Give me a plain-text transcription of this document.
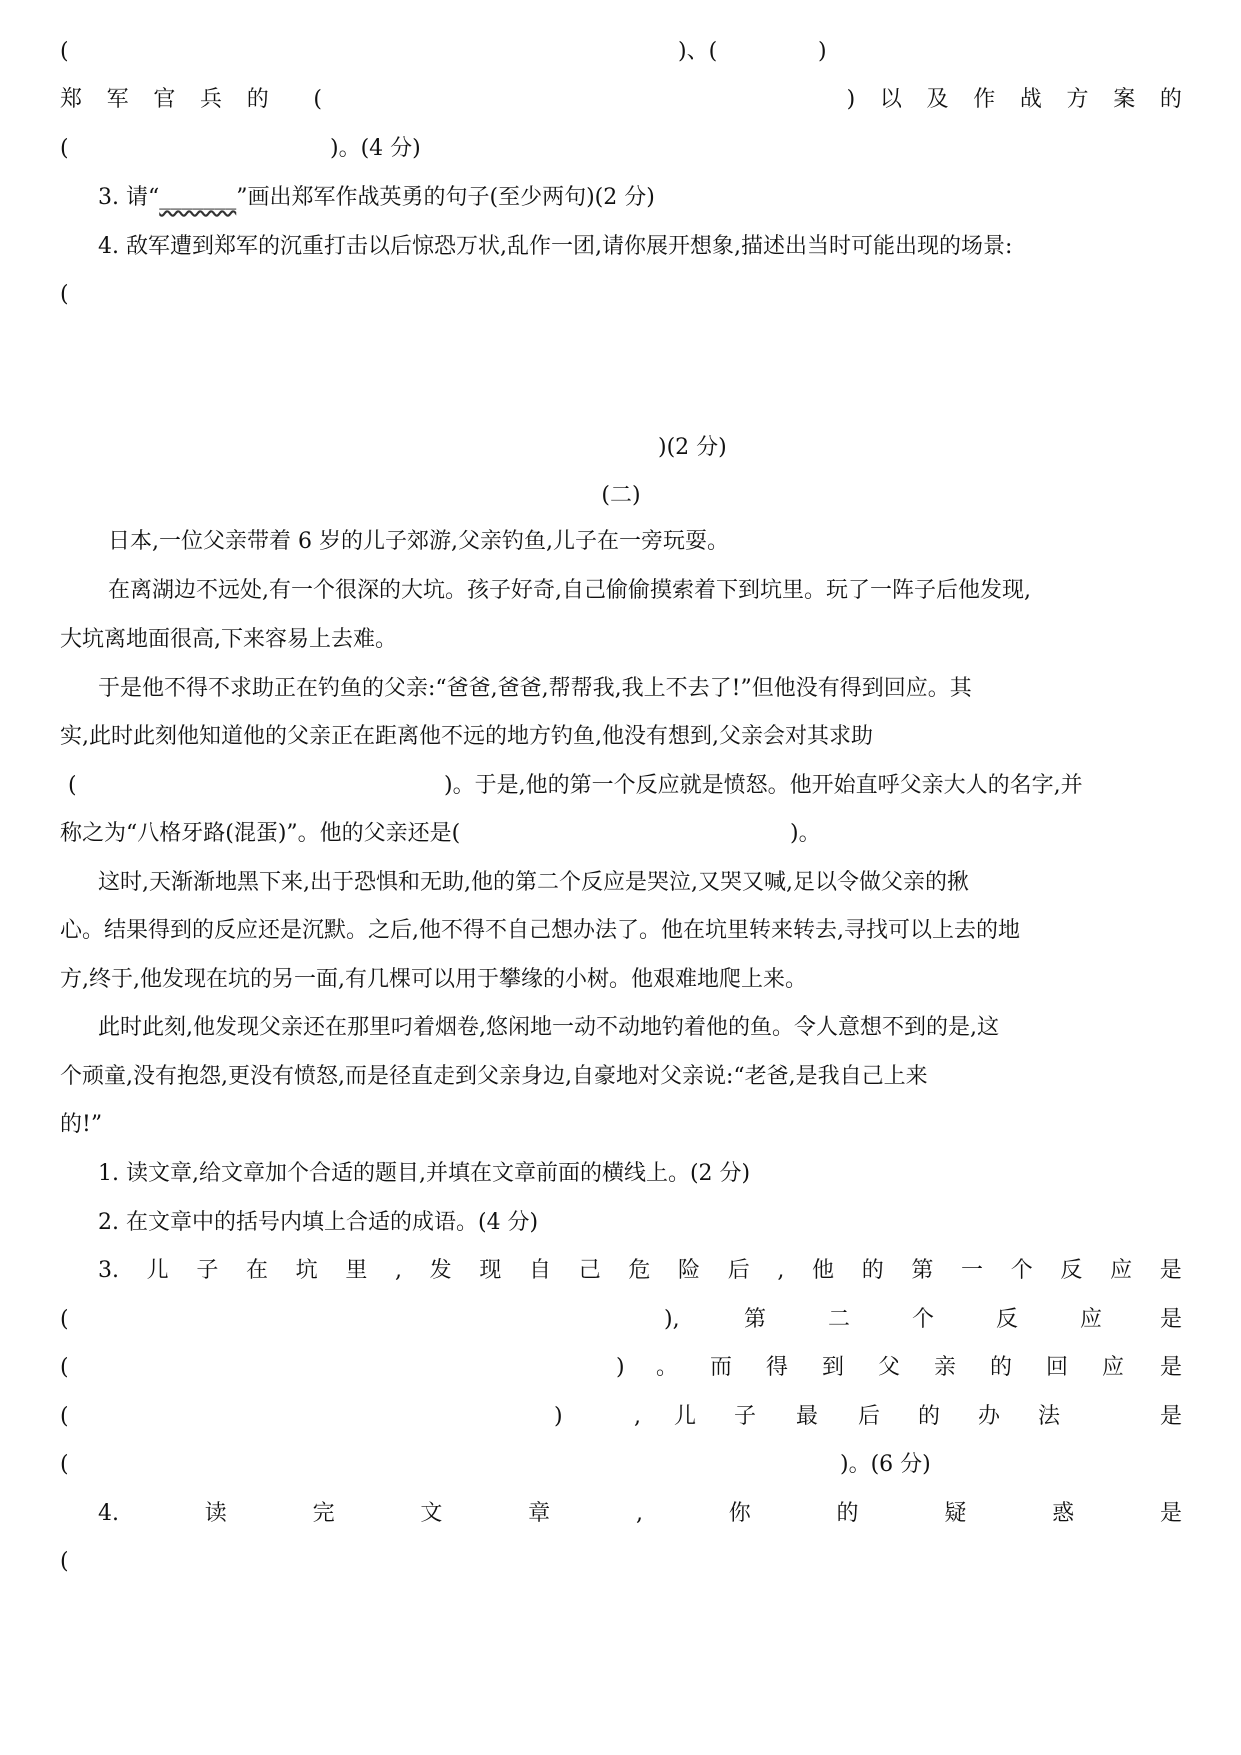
(	)、(	)
郑 军 官 兵 的 (	) 以 及 作 战 方 案 的
(	)。(4 分)
3. 请“_______”画出郑军作战英勇的句子(至少两句)(2 分)
4. 敌军遭到郑军的沉重打击以后惊恐万状,乱作一团,请你展开想象,描述出当时可能出现的场景:
(
)(2 分)
(二)
日本,一位父亲带着 6 岁的儿子郊游,父亲钓鱼,儿子在一旁玩耍。
在离湖边不远处,有一个很深的大坑。孩子好奇,自己偷偷摸索着下到坑里。玩了一阵子后他发现,
大坑离地面很高,下来容易上去难。
于是他不得不求助正在钓鱼的父亲:“爸爸,爸爸,帮帮我,我上不去了!”但他没有得到回应。其
实,此时此刻他知道他的父亲正在距离他不远的地方钓鱼,他没有想到,父亲会对其求助
(	)。于是,他的第一个反应就是愤怒。他开始直呼父亲大人的名字,并
称之为“八格牙路(混蛋)”。他的父亲还是(	)。
这时,天渐渐地黑下来,出于恐惧和无助,他的第二个反应是哭泣,又哭又喊,足以令做父亲的揪
心。结果得到的反应还是沉默。之后,他不得不自己想办法了。他在坑里转来转去,寻找可以上去的地
方,终于,他发现在坑的另一面,有几棵可以用于攀缘的小树。他艰难地爬上来。
此时此刻,他发现父亲还在那里叼着烟卷,悠闲地一动不动地钓着他的鱼。令人意想不到的是,这
个顽童,没有抱怨,更没有愤怒,而是径直走到父亲身边,自豪地对父亲说:“老爸,是我自己上来
的!”
1. 读文章,给文章加个合适的题目,并填在文章前面的横线上。(2 分)
2. 在文章中的括号内填上合适的成语。(4 分)
3. 儿 子 在 坑 里 , 发 现 自 己 危 险 后 , 他 的 第 一 个 反 应 是
(	),	第	二	个	反	应	是
(	) 。 而 得 到 父 亲 的 回 应 是
(	)	, 儿 子 最 后 的 办 法	是
(	)。(6 分)
4.	读	完	文	章	,	你	的	疑	惑	是
(
